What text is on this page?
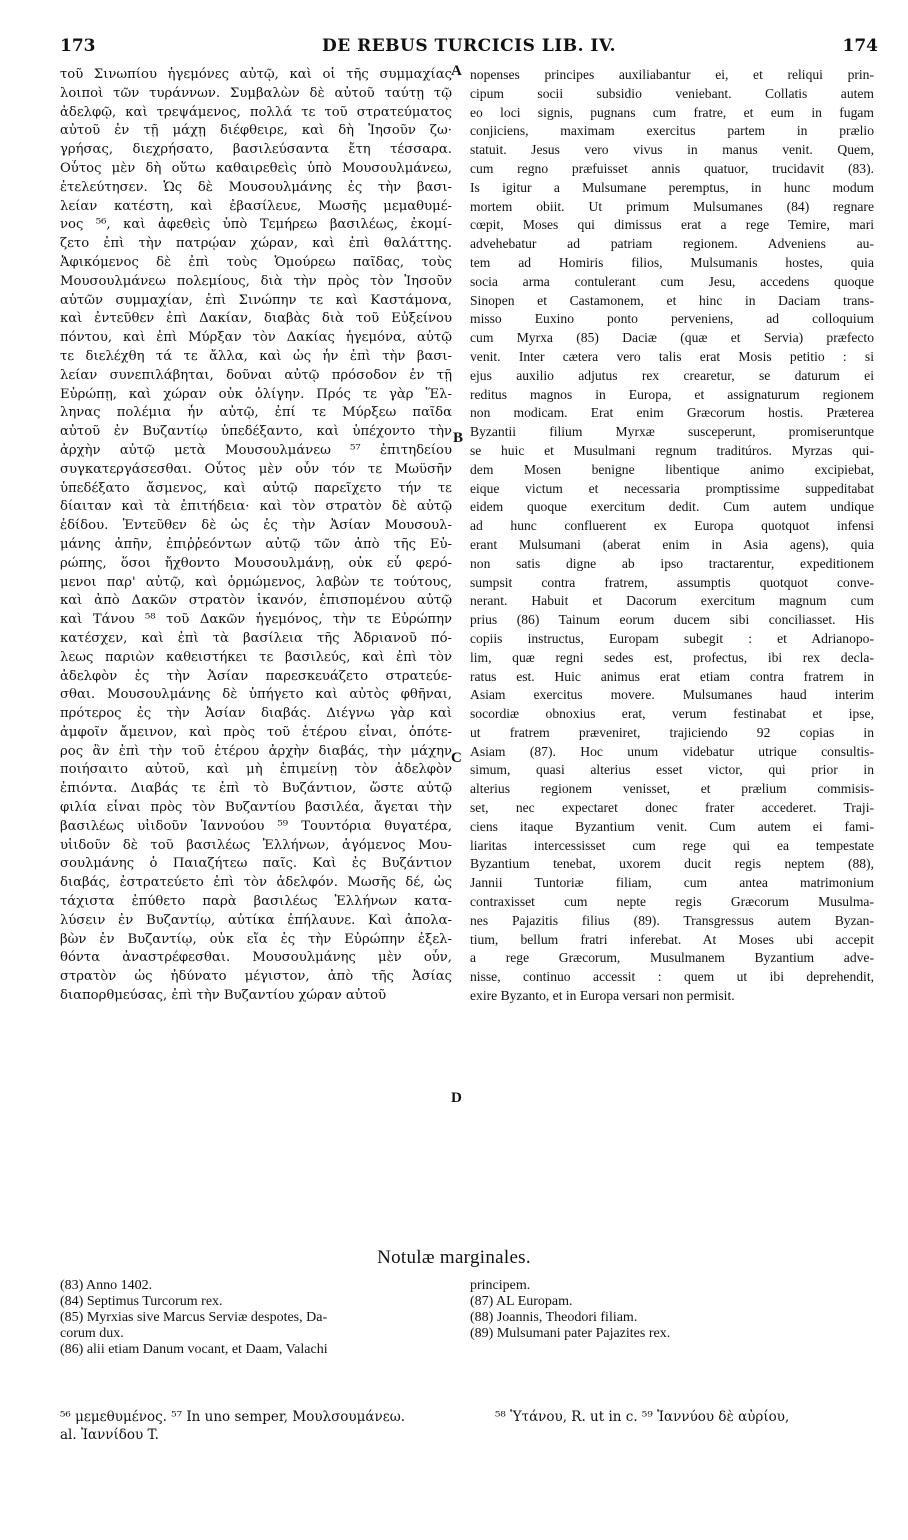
DE REBUS TURCICIS LIB. IV.
173	174
τοῦ Σινωπίου ἡγεμόνες αὐτῷ, καὶ οἱ τῆς συμμαχίας
λοιποὶ τῶν τυράννων. Συμβαλὼν δὲ αὐτοῦ ταύτῃ τῷ
ἀδελφῷ, καὶ τρεψάμενος, πολλά τε τοῦ στρατεύματος
αὐτοῦ ἐν τῇ μάχῃ διέφθειρε, καὶ δὴ Ἰησοῦν ζω·
γρήσας, διεχρήσατο, βασιλεύσαντα ἔτη τέσσαρα.
Οὗτος μὲν δὴ οὕτω καθαιρεθεὶς ὑπὸ Μουσουλμάνεω,
ἐτελεύτησεν. Ὡς δὲ Μουσουλμάνης ἐς τὴν βασι-
λείαν κατέστη, καὶ ἐβασίλευε, Μωσῆς μεμαθυμέ-
νος ⁵⁶, καὶ ἀφεθεὶς ὑπὸ Τεμήρεω βασιλέως, ἐκομί-
ζετο ἐπὶ τὴν πατρῴαν χώραν, καὶ ἐπὶ θαλάττης.
Ἀφικόμενος δὲ ἐπὶ τοὺς Ὁμούρεω παῖδας, τοὺς
Μουσουλμάνεω πολεμίους, διὰ τὴν πρὸς τὸν Ἰησοῦν
αὐτῶν συμμαχίαν, ἐπὶ Σινώπην τε καὶ Καστάμονα,
καὶ ἐντεῦθεν ἐπὶ Δακίαν, διαβὰς διὰ τοῦ Εὐξείνου
πόντου, καὶ ἐπὶ Μύρξαν τὸν Δακίας ἡγεμόνα, αὐτῷ
τε διελέχθη τά τε ἄλλα, καὶ ὡς ἦν ἐπὶ τὴν βασι-
λείαν συνεπιλάβηται, δοῦναι αὐτῷ πρόσοδον ἐν τῇ
Εὐρώπῃ, καὶ χώραν οὐκ ὀλίγην. Πρός τε γὰρ Ἕλ-
ληνας πολέμια ἦν αὐτῷ, ἐπί τε Μύρξεω παῖδα
αὐτοῦ ἐν Βυζαντίῳ ὑπεδέξαντο, καὶ ὑπέχοντο τὴν
ἀρχὴν αὐτῷ μετὰ Μουσουλμάνεω ⁵⁷ ἐπιτηδείου
συγκατεργάσεσθαι. Οὗτος μὲν οὖν τόν τε Μωϋσῆν
ὑπεδέξατο ἄσμενος, καὶ αὐτῷ παρεῖχετο τήν τε
δίαιταν καὶ τὰ ἐπιτήδεια· καὶ τὸν στρατὸν δὲ αὐτῷ
ἐδίδου. Ἐντεῦθεν δὲ ὡς ἐς τὴν Ἀσίαν Μουσουλ-
μάνης ἀπῆν, ἐπιῤῥεόντων αὐτῷ τῶν ἀπὸ τῆς Εὐ-
ρώπης, ὅσοι ἤχθοντο Μουσουλμάνῃ, οὐκ εὖ φερό-
μενοι παρ' αὐτῷ, καὶ ὁρμώμενος, λαβὼν τε τούτους,
καὶ ἀπὸ Δακῶν στρατὸν ἱκανόν, ἐπισπομένου αὐτῷ
καὶ Τάνου ⁵⁸ τοῦ Δακῶν ἡγεμόνος, τὴν τε Εὐρώπην
κατέσχεν, καὶ ἐπὶ τὰ βασίλεια τῆς Ἀδριανοῦ πό-
λεως παριὼν καθειστήκει τε βασιλεύς, καὶ ἐπὶ τὸν
ἀδελφὸν ἐς τὴν Ἀσίαν παρεσκευάζετο στρατεύε-
σθαι. Μουσουλμάνης δὲ ὑπήγετο καὶ αὐτὸς φθῆναι,
πρότερος ἐς τὴν Ἀσίαν διαβάς. Διέγνω γὰρ καὶ
ἀμφοῖν ἄμεινον, καὶ πρὸς τοῦ ἑτέρου εἶναι, ὁπότε-
ρος ἂν ἐπὶ τὴν τοῦ ἑτέρου ἀρχὴν διαβάς, τὴν μάχην
ποιήσαιτο αὐτοῦ, καὶ μὴ ἐπιμείνῃ τὸν ἀδελφὸν
ἐπιόντα. Διαβάς τε ἐπὶ τὸ Βυζάντιον, ὥστε αὐτῷ
φιλία εἶναι πρὸς τὸν Βυζαντίου βασιλέα, ἄγεται τὴν
βασιλέως υἱιδοῦν Ἰαννούου ⁵⁹ Τουντόρια θυγατέρα,
υἱιδοῦν δὲ τοῦ βασιλέως Ἑλλήνων, ἀγόμενος Μου-
σουλμάνης ὁ Παιαζήτεω παῖς. Καὶ ἐς Βυζάντιον
διαβάς, ἐστρατεύετο ἐπὶ τὸν ἀδελφόν. Μωσῆς δέ, ὡς
τάχιστα ἐπύθετο παρὰ βασιλέως Ἑλλήνων κατα-
λύσειν ἐν Βυζαντίῳ, αὐτίκα ἐπήλαυνε. Καὶ ἀπολα-
βὼν ἐν Βυζαντίῳ, οὐκ εἴα ἐς τὴν Εὐρώπην ἐξελ-
θόντα ἀναστρέφεσθαι. Μουσουλμάνης μὲν οὖν,
στρατὸν ὡς ἠδύνατο μέγιστον, ἀπὸ τῆς Ἀσίας
διαπορθμεύσας, ἐπὶ τὴν Βυζαντίου χώραν αὐτοῦ
nopenses principes auxiliabantur ei, et reliqui prin-
cipum socii subsidio veniebant. Collatis autem
eo loci signis, pugnans cum fratre, et eum in fugam
conjiciens, maximam exercitus partem in prælio
statuit. Jesus vero vivus in manus venit. Quem,
cum regno præfuisset annis quatuor, trucidavit (83).
Is igitur a Mulsumane peremptus, in hunc modum
mortem obiit. Ut primum Mulsumanes (84) regnare
cœpit, Moses qui dimissus erat a rege Temire, mari
advehebatur ad patriam regionem. Adveniens au-
tem ad Homiris filios, Mulsumanis hostes, quia
socia arma contulerant cum Jesu, accedens quoque
Sinopen et Castamonem, et hinc in Daciam trans-
misso Euxino ponto perveniens, ad colloquium
cum Myrxa (85) Daciæ (quæ et Servia) præfecto
venit. Inter cætera vero talis erat Mosis petitio : si
ejus auxilio adjutus rex crearetur, se daturum ei
reditus magnos in Europa, et assignaturum regionem
non modicam. Erat enim Græcorum hostis. Præterea
Byzantii filium Myrxæ susceperunt, promiseruntque
se huic et Musulmani regnum traditúros. Myrzas qui-
dem Mosen benigne libentique animo excipiebat,
eique victum et necessaria promptissime suppeditabat
eidem quoque exercitum dedit. Cum autem undique
ad hunc confluerent ex Europa quotquot infensi
erant Mulsumani (aberat enim in Asia agens), quia
non satis digne ab ipso tractarentur, expeditionem
sumpsit contra fratrem, assumptis quotquot conve-
nerant. Habuit et Dacorum exercitum magnum cum
prius (86) Tainum eorum ducem sibi conciliasset. His
copiis instructus, Europam subegit : et Adrianopo-
lim, quæ regni sedes est, profectus, ibi rex decla-
ratus est. Huic animus erat etiam contra fratrem in
Asiam exercitus movere. Mulsumanes haud interim
socordiæ obnoxius erat, verum festinabat et ipse,
ut fratrem præveniret, trajiciendo 92 copias in
Asiam (87). Hoc unum videbatur utrique consultis-
simum, quasi alterius esset victor, qui prior in
alterius regionem venisset, et prælium commisis-
set, nec expectaret donec frater accederet. Traji-
ciens itaque Byzantium venit. Cum autem ei fami-
liaritas intercessisset cum rege qui ea tempestate
Byzantium tenebat, uxorem ducit regis neptem (88),
Jannii Tuntoriæ filiam, cum antea matrimonium
contraxisset cum nepte regis Græcorum Musulma-
nes Pajazitis filius (89). Transgressus autem Byzan-
tium, bellum fratri inferebat. At Moses ubi accepit
a rege Græcorum, Musulmanem Byzantium adve-
nisse, continuo accessit : quem ut ibi deprehendit,
exire Byzanto, et in Europa versari non permisit.
A
B
C
D
Notulæ marginales.
(83) Anno 1402.
(84) Septimus Turcorum rex.
(85) Myrxias sive Marcus Serviæ despotes, Da-
corum dux.
(86) alii etiam Danum vocant, et Daam, Valachi
principem.
(87) AL Europam.
(88) Joannis, Theodori filiam.
(89) Mulsumani pater Pajazites rex.
⁵⁶ μεμεθυμένος. ⁵⁷ In uno semper, Μουλσουμάνεω.
al. Ἰαννίδου T.
⁵⁸ Ὑτάνου, R. ut in c. ⁵⁹ Ἰαννύου δὲ αὐρίου,
